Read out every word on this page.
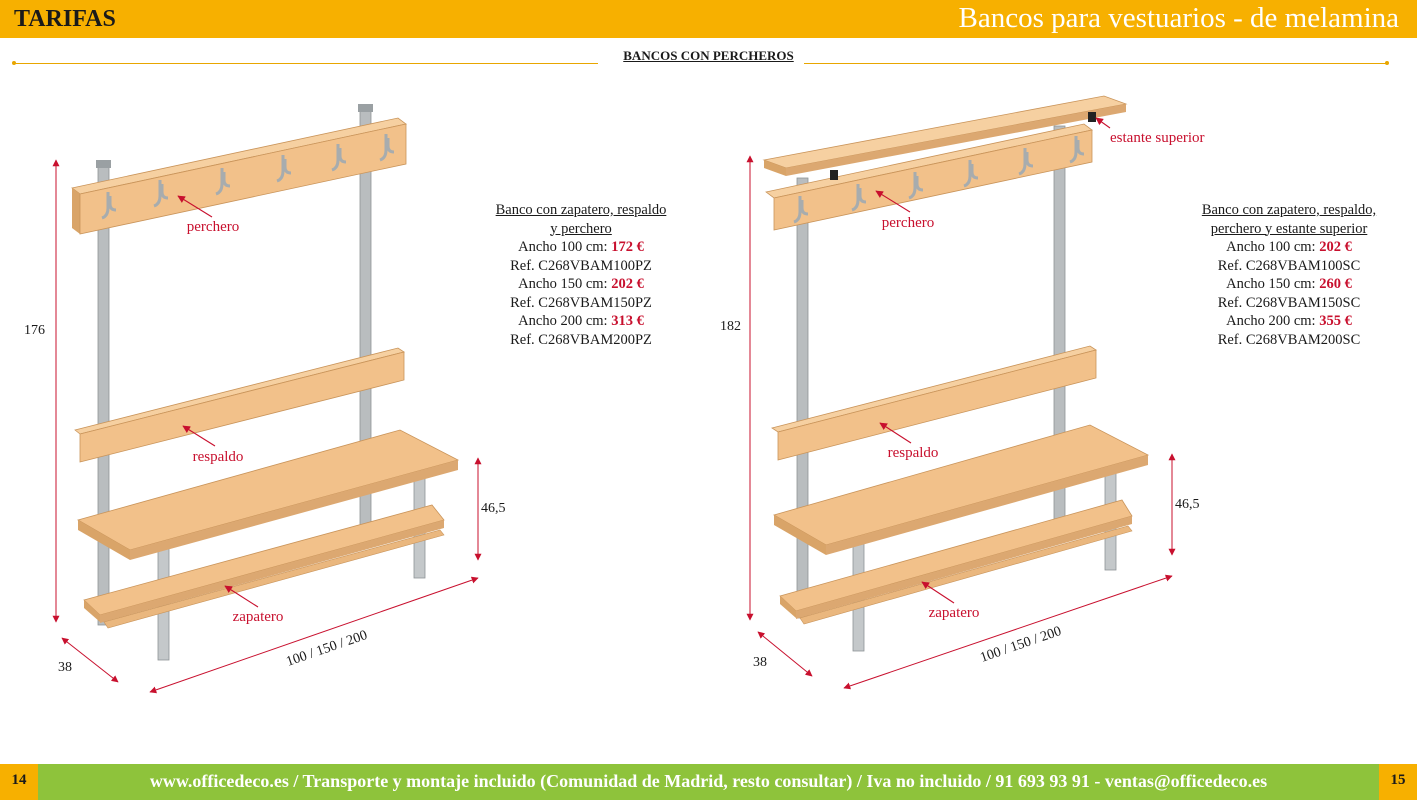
TARIFAS	Bancos para vestuarios - de melamina
BANCOS CON PERCHEROS
perchero
respaldo
zapatero
176
46,5
38	100 / 150 / 200
Banco con zapatero, respaldo
y perchero
Ancho 100 cm: 172 €
Ref. C268VBAM100PZ
Ancho 150 cm: 202 €
Ref. C268VBAM150PZ
Ancho 200 cm: 313 €
Ref. C268VBAM200PZ
estante superior
perchero
respaldo
zapatero
182
46,5
38	100 / 150 / 200
Banco con zapatero, respaldo,
perchero y estante superior
Ancho 100 cm: 202 €
Ref. C268VBAM100SC
Ancho 150 cm: 260 €
Ref. C268VBAM150SC
Ancho 200 cm: 355 €
Ref. C268VBAM200SC
www.officedeco.es / Transporte y montaje incluido (Comunidad de Madrid, resto consultar) / Iva no incluido / 91 693 93 91 - ventas@officedeco.es
14	15
